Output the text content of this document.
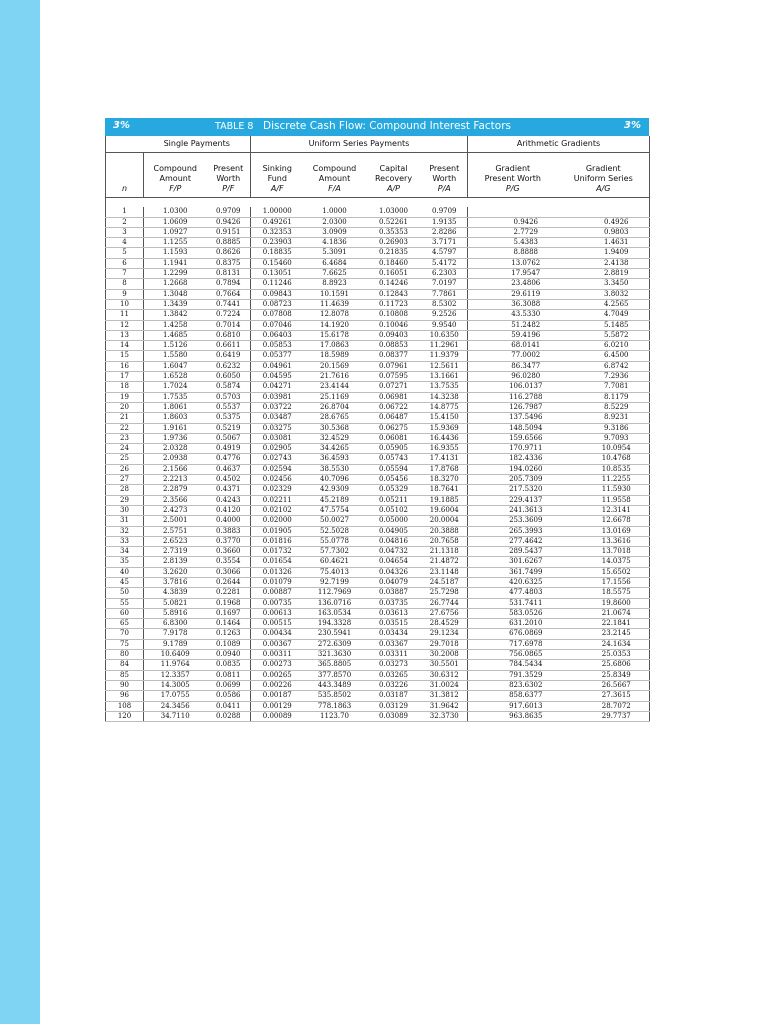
3%	TABLE 8 Discrete Cash Flow: Compound Interest Factors	3%
	Single Payments		Uniform Series Payments				Arithmetic Gradients	

n	Compound
Amount
F/P	Present
Worth
P/F	Sinking
Fund
A/F	Compound
Amount
F/A	Capital
Recovery
A/P	Present
Worth
P/A	Gradient
Present Worth
P/G	Gradient
Uniform Series
A/G

1	1.0300	0.9709	1.00000	1.0000	1.03000	0.9709		
2	1.0609	0.9426	0.49261	2.0300	0.52261	1.9135	0.9426	0.4926
3	1.0927	0.9151	0.32353	3.0909	0.35353	2.8286	2.7729	0.9803
4	1.1255	0.8885	0.23903	4.1836	0.26903	3.7171	5.4383	1.4631
5	1.1593	0.8626	0.18835	5.3091	0.21835	4.5797	8.8888	1.9409
6	1.1941	0.8375	0.15460	6.4684	0.18460	5.4172	13.0762	2.4138
7	1.2299	0.8131	0.13051	7.6625	0.16051	6.2303	17.9547	2.8819
8	1.2668	0.7894	0.11246	8.8923	0.14246	7.0197	23.4806	3.3450
9	1.3048	0.7664	0.09843	10.1591	0.12843	7.7861	29.6119	3.8032
10	1.3439	0.7441	0.08723	11.4639	0.11723	8.5302	36.3088	4.2565
11	1.3842	0.7224	0.07808	12.8078	0.10808	9.2526	43.5330	4.7049
12	1.4258	0.7014	0.07046	14.1920	0.10046	9.9540	51.2482	5.1485
13	1.4685	0.6810	0.06403	15.6178	0.09403	10.6350	59.4196	5.5872
14	1.5126	0.6611	0.05853	17.0863	0.08853	11.2961	68.0141	6.0210
15	1.5580	0.6419	0.05377	18.5989	0.08377	11.9379	77.0002	6.4500
16	1.6047	0.6232	0.04961	20.1569	0.07961	12.5611	86.3477	6.8742
17	1.6528	0.6050	0.04595	21.7616	0.07595	13.1661	96.0280	7.2936
18	1.7024	0.5874	0.04271	23.4144	0.07271	13.7535	106.0137	7.7081
19	1.7535	0.5703	0.03981	25.1169	0.06981	14.3238	116.2788	8.1179
20	1.8061	0.5537	0.03722	26.8704	0.06722	14.8775	126.7987	8.5229
21	1.8603	0.5375	0.03487	28.6765	0.06487	15.4150	137.5496	8.9231
22	1.9161	0.5219	0.03275	30.5368	0.06275	15.9369	148.5094	9.3186
23	1.9736	0.5067	0.03081	32.4529	0.06081	16.4436	159.6566	9.7093
24	2.0328	0.4919	0.02905	34.4265	0.05905	16.9355	170.9711	10.0954
25	2.0938	0.4776	0.02743	36.4593	0.05743	17.4131	182.4336	10.4768
26	2.1566	0.4637	0.02594	38.5530	0.05594	17.8768	194.0260	10.8535
27	2.2213	0.4502	0.02456	40.7096	0.05456	18.3270	205.7309	11.2255
28	2.2879	0.4371	0.02329	42.9309	0.05329	18.7641	217.5320	11.5930
29	2.3566	0.4243	0.02211	45.2189	0.05211	19.1885	229.4137	11.9558
30	2.4273	0.4120	0.02102	47.5754	0.05102	19.6004	241.3613	12.3141
31	2.5001	0.4000	0.02000	50.0027	0.05000	20.0004	253.3609	12.6678
32	2.5751	0.3883	0.01905	52.5028	0.04905	20.3888	265.3993	13.0169
33	2.6523	0.3770	0.01816	55.0778	0.04816	20.7658	277.4642	13.3616
34	2.7319	0.3660	0.01732	57.7302	0.04732	21.1318	289.5437	13.7018
35	2.8139	0.3554	0.01654	60.4621	0.04654	21.4872	301.6267	14.0375
40	3.2620	0.3066	0.01326	75.4013	0.04326	23.1148	361.7499	15.6502
45	3.7816	0.2644	0.01079	92.7199	0.04079	24.5187	420.6325	17.1556
50	4.3839	0.2281	0.00887	112.7969	0.03887	25.7298	477.4803	18.5575
55	5.0821	0.1968	0.00735	136.0716	0.03735	26.7744	531.7411	19.8600
60	5.8916	0.1697	0.00613	163.0534	0.03613	27.6756	583.0526	21.0674
65	6.8300	0.1464	0.00515	194.3328	0.03515	28.4529	631.2010	22.1841
70	7.9178	0.1263	0.00434	230.5941	0.03434	29.1234	676.0869	23.2145
75	9.1789	0.1089	0.00367	272.6309	0.03367	29.7018	717.6978	24.1634
80	10.6409	0.0940	0.00311	321.3630	0.03311	30.2008	756.0865	25.0353
84	11.9764	0.0835	0.00273	365.8805	0.03273	30.5501	784.5434	25.6806
85	12.3357	0.0811	0.00265	377.8570	0.03265	30.6312	791.3529	25.8349
90	14.3005	0.0699	0.00226	443.3489	0.03226	31.0024	823.6302	26.5667
96	17.0755	0.0586	0.00187	535.8502	0.03187	31.3812	858.6377	27.3615
108	24.3456	0.0411	0.00129	778.1863	0.03129	31.9642	917.6013	28.7072
120	34.7110	0.0288	0.00089	1123.70	0.03089	32.3730	963.8635	29.7737
